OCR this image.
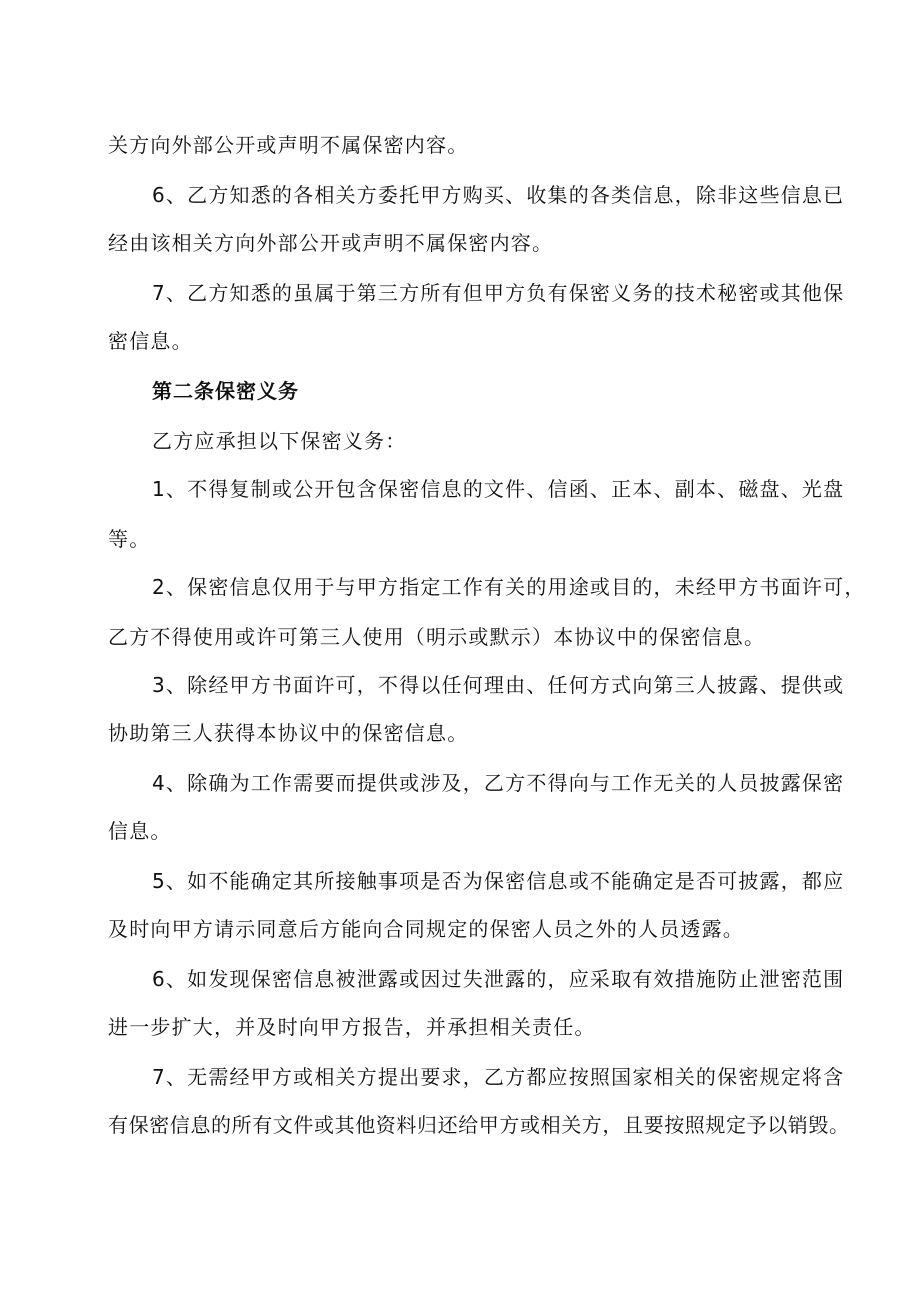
关方向外部公开或声明不属保密内容。
6、乙方知悉的各相关方委托甲方购买、收集的各类信息，除非这些信息已
经由该相关方向外部公开或声明不属保密内容。
7、乙方知悉的虽属于第三方所有但甲方负有保密义务的技术秘密或其他保
密信息。
第二条保密义务
乙方应承担以下保密义务：
1、不得复制或公开包含保密信息的文件、信函、正本、副本、磁盘、光盘
等。
2、保密信息仅用于与甲方指定工作有关的用途或目的，未经甲方书面许可，
乙方不得使用或许可第三人使用（明示或默示）本协议中的保密信息。
3、除经甲方书面许可，不得以任何理由、任何方式向第三人披露、提供或
协助第三人获得本协议中的保密信息。
4、除确为工作需要而提供或涉及，乙方不得向与工作无关的人员披露保密
信息。
5、如不能确定其所接触事项是否为保密信息或不能确定是否可披露，都应
及时向甲方请示同意后方能向合同规定的保密人员之外的人员透露。
6、如发现保密信息被泄露或因过失泄露的，应采取有效措施防止泄密范围
进一步扩大，并及时向甲方报告，并承担相关责任。
7、无需经甲方或相关方提出要求，乙方都应按照国家相关的保密规定将含
有保密信息的所有文件或其他资料归还给甲方或相关方，且要按照规定予以销毁。
